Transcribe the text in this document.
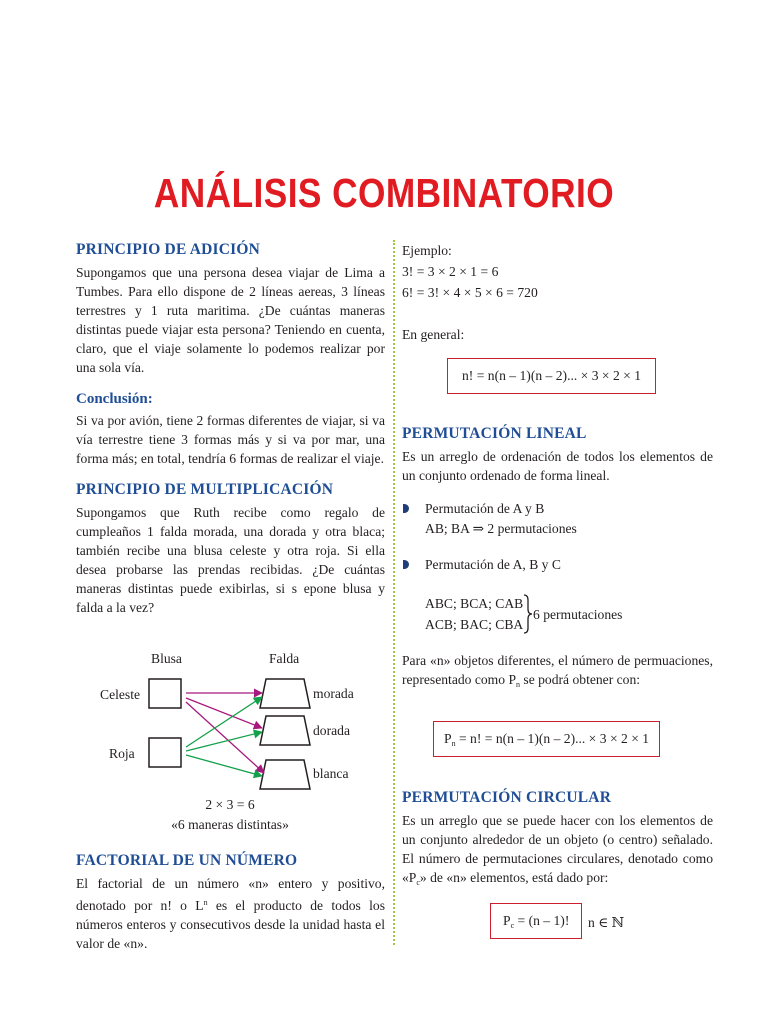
ANÁLISIS COMBINATORIO
PRINCIPIO DE ADICIÓN

Supongamos que una persona desea viajar de Lima a Tumbes. Para ello dispone de 2 líneas aereas, 3 líneas terrestres y 1 ruta maritima. ¿De cuántas maneras distintas puede viajar esta persona? Teniendo en cuenta, claro, que el viaje solamente lo podemos realizar por una sola vía.

Conclusión:

Si va por avión, tiene 2 formas diferentes de viajar, si va vía terrestre tiene 3 formas más y si va por mar, una forma más; en total, tendría 6 formas de realizar el viaje.

PRINCIPIO DE MULTIPLICACIÓN

Supongamos que Ruth recibe como regalo de cumpleaños 1 falda morada, una dorada y otra blaca; también recibe una blusa celeste y otra roja. Si ella desea probarse las prendas recibidas. ¿De cuántas maneras distintas puede exibirlas, si s epone blusa y falda a la vez?

Blusa	Falda
Celeste
Roja
morada
dorada
blanca
2 × 3 = 6
«6 maneras distintas»
FACTORIAL DE UN NÚMERO

El factorial de un número «n» entero y positivo, denotado por n! o $L^n$ es el producto de todos los números enteros y consecutivos desde la unidad hasta el valor de «n».

Ejemplo:
3! = 3 × 2 × 1 = 6
6! = 3! × 4 × 5 × 6 = 720
En general:
n! = n(n – 1)(n – 2)... × 3 × 2 × 1
PERMUTACIÓN LINEAL

Es un arreglo de ordenación de todos los elementos de un conjunto ordenado de forma lineal.

Permutación de A y B
AB; BA ⇒ 2 permutaciones
Permutación de A, B y C
ABC; BCA; CAB
ACB; BAC; CBA
6 permutaciones

Para «n» objetos diferentes, el número de permuaciones, representado como $P_n$ se podrá obtener con:

$P_n = n$! = n(n – 1)(n – 2)... × 3 × 2 × 1
PERMUTACIÓN CIRCULAR

Es un arreglo que se puede hacer con los elementos de un conjunto alrededor de un objeto (o centro) señalado. El número de permutaciones circulares, denotado como «$P_c$» de «n» elementos, está dado por:

$P_c = (n - 1)$!	n ∈ ℕ
